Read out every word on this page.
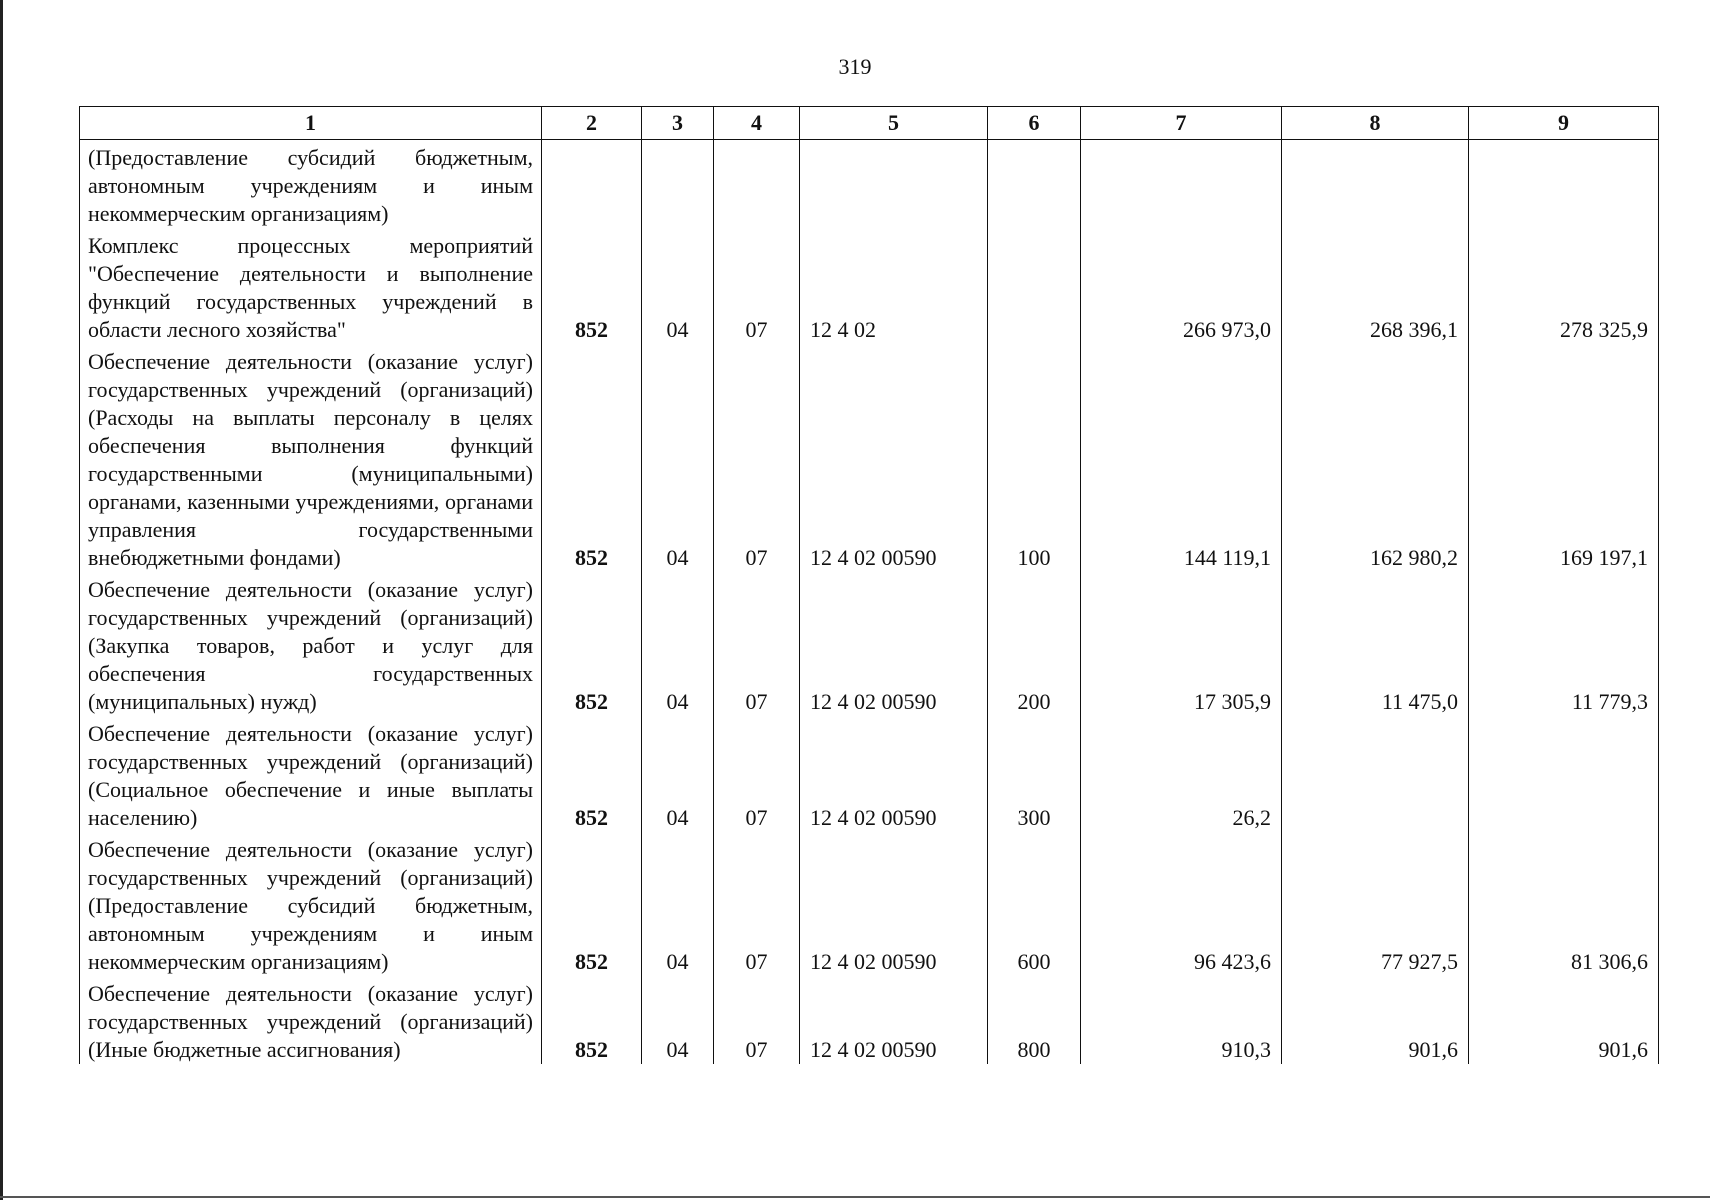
319
1	2	3	4	5	6	7	8	9
(Предоставление субсидий бюджетным, автономным учреждениям и иным некоммерческим организациям)								
Комплекс процессных мероприятий "Обеспечение деятельности и выполнение функций государственных учреждений в области лесного хозяйства"	852	04	07	12 4 02		266 973,0	268 396,1	278 325,9
Обеспечение деятельности (оказание услуг) государственных учреждений (организаций) (Расходы на выплаты персоналу в целях обеспечения выполнения функций государственными (муниципальными) органами, казенными учреждениями, органами управления государственными внебюджетными фондами)	852	04	07	12 4 02 00590	100	144 119,1	162 980,2	169 197,1
Обеспечение деятельности (оказание услуг) государственных учреждений (организаций) (Закупка товаров, работ и услуг для обеспечения государственных (муниципальных) нужд)	852	04	07	12 4 02 00590	200	17 305,9	11 475,0	11 779,3
Обеспечение деятельности (оказание услуг) государственных учреждений (организаций) (Социальное обеспечение и иные выплаты населению)	852	04	07	12 4 02 00590	300	26,2		
Обеспечение деятельности (оказание услуг) государственных учреждений (организаций) (Предоставление субсидий бюджетным, автономным учреждениям и иным некоммерческим организациям)	852	04	07	12 4 02 00590	600	96 423,6	77 927,5	81 306,6
Обеспечение деятельности (оказание услуг) государственных учреждений (организаций) (Иные бюджетные ассигнования)	852	04	07	12 4 02 00590	800	910,3	901,6	901,6
